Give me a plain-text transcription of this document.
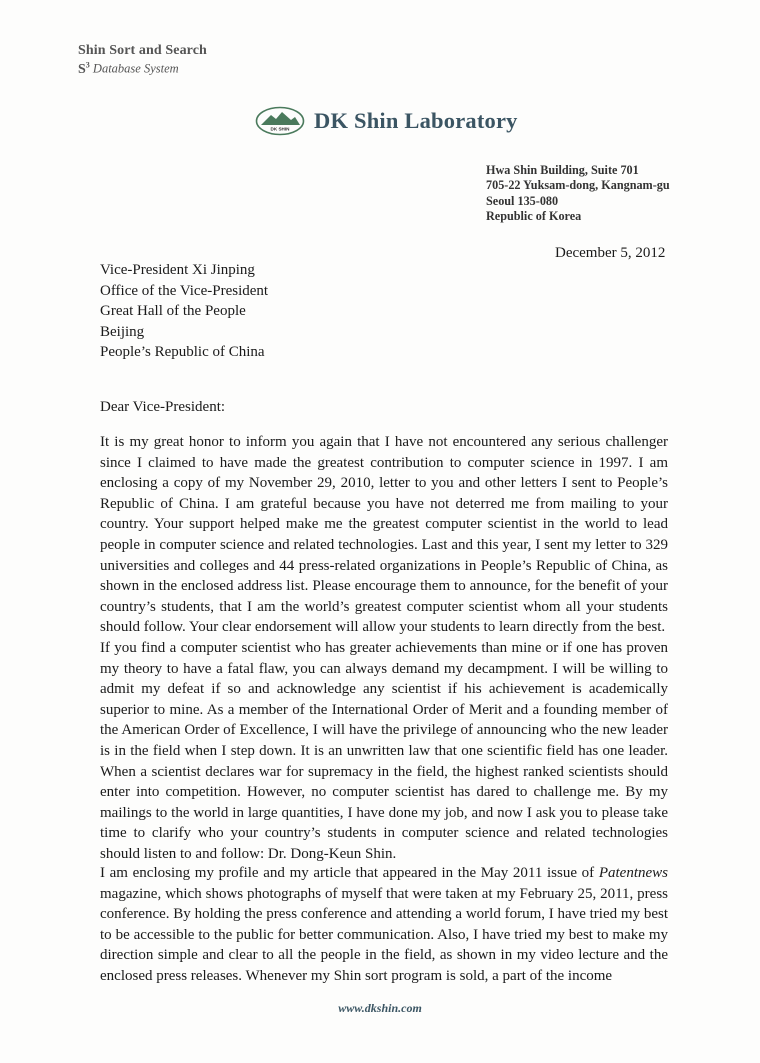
Shin Sort and Search
$S^3$ Database System
DK SHIN DK Shin Laboratory
Hwa Shin Building, Suite 701
705-22 Yuksam-dong, Kangnam-gu
Seoul 135-080
Republic of Korea
December 5, 2012
Vice-President Xi Jinping
Office of the Vice-President
Great Hall of the People
Beijing
People’s Republic of China
Dear Vice-President:
It is my great honor to inform you again that I have not encountered any serious challenger since I claimed to have made the greatest contribution to computer science in 1997. I am enclosing a copy of my November 29, 2010, letter to you and other letters I sent to People’s Republic of China. I am grateful because you have not deterred me from mailing to your country. Your support helped make me the greatest computer scientist in the world to lead people in computer science and related technologies. Last and this year, I sent my letter to 329 universities and colleges and 44 press-related organizations in People’s Republic of China, as shown in the enclosed address list. Please encourage them to announce, for the benefit of your country’s students, that I am the world’s greatest computer scientist whom all your students should follow. Your clear endorsement will allow your students to learn directly from the best.
If you find a computer scientist who has greater achievements than mine or if one has proven my theory to have a fatal flaw, you can always demand my decampment. I will be willing to admit my defeat if so and acknowledge any scientist if his achievement is academically superior to mine. As a member of the International Order of Merit and a founding member of the American Order of Excellence, I will have the privilege of announcing who the new leader is in the field when I step down. It is an unwritten law that one scientific field has one leader. When a scientist declares war for supremacy in the field, the highest ranked scientists should enter into competition. However, no computer scientist has dared to challenge me. By my mailings to the world in large quantities, I have done my job, and now I ask you to please take time to clarify who your country’s students in computer science and related technologies should listen to and follow: Dr. Dong-Keun Shin.
I am enclosing my profile and my article that appeared in the May 2011 issue of Patentnews magazine, which shows photographs of myself that were taken at my February 25, 2011, press conference. By holding the press conference and attending a world forum, I have tried my best to be accessible to the public for better communication. Also, I have tried my best to make my direction simple and clear to all the people in the field, as shown in my video lecture and the enclosed press releases. Whenever my Shin sort program is sold, a part of the income
www.dkshin.com
